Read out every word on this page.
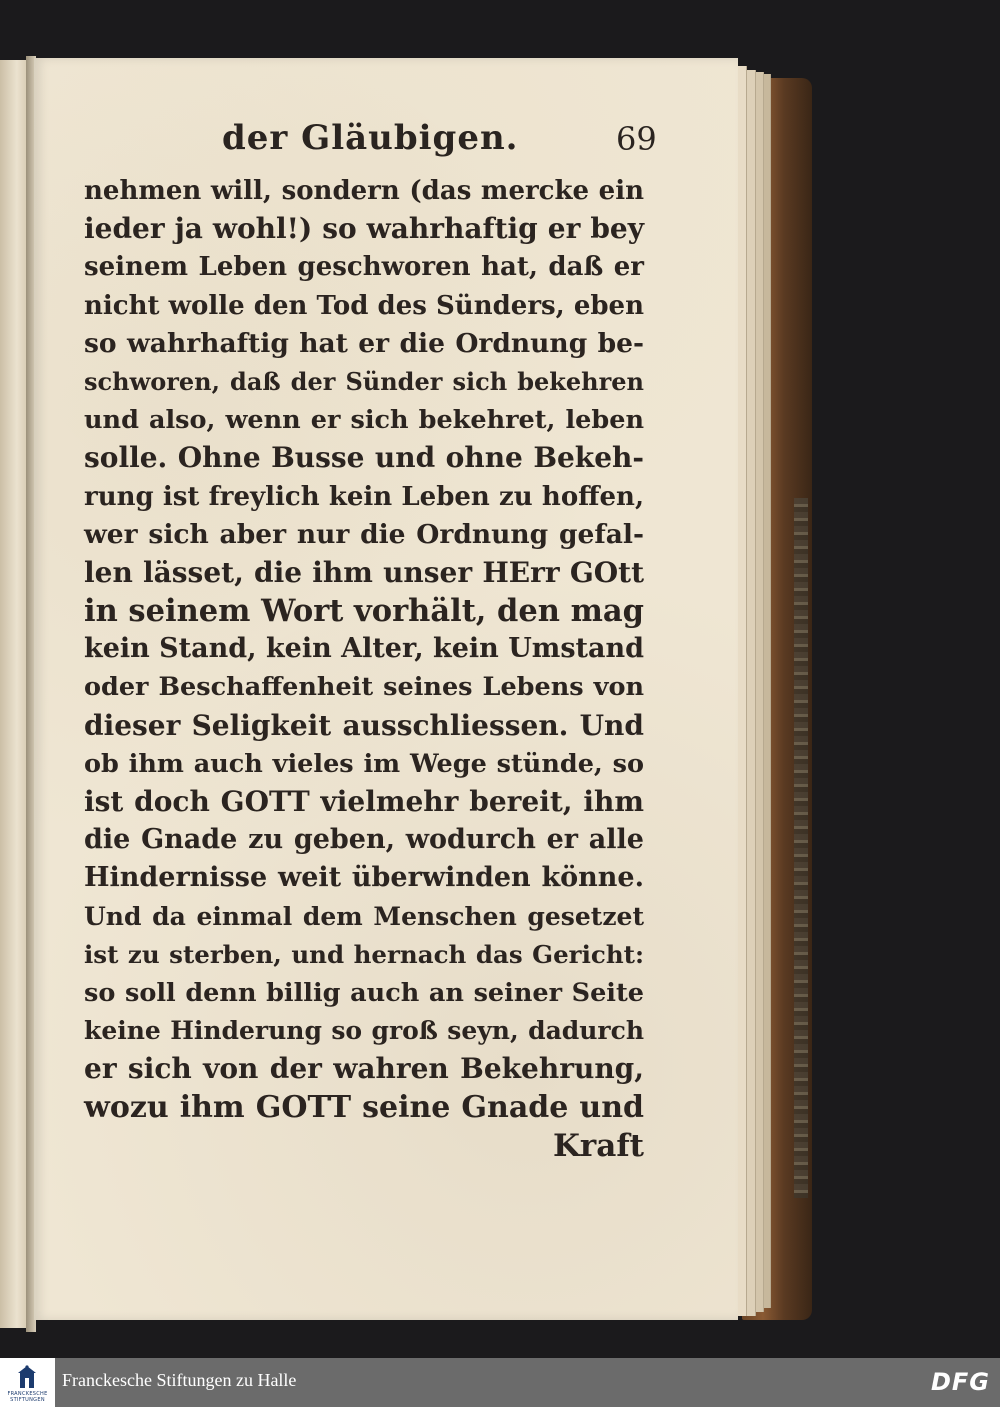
der Gläubigen.	69
nehmen will, sondern (das mercke ein
ieder ja wohl!) so wahrhaftig er bey
seinem Leben geschworen hat, daß er
nicht wolle den Tod des Sünders, eben
so wahrhaftig hat er die Ordnung be-
schworen, daß der Sünder sich bekehren
und also, wenn er sich bekehret, leben
solle. Ohne Busse und ohne Bekeh-
rung ist freylich kein Leben zu hoffen,
wer sich aber nur die Ordnung gefal-
len lässet, die ihm unser HErr GOtt
in seinem Wort vorhält, den mag
kein Stand, kein Alter, kein Umstand
oder Beschaffenheit seines Lebens von
dieser Seligkeit ausschliessen. Und
ob ihm auch vieles im Wege stünde, so
ist doch GOTT vielmehr bereit, ihm
die Gnade zu geben, wodurch er alle
Hindernisse weit überwinden könne.
Und da einmal dem Menschen gesetzet
ist zu sterben, und hernach das Gericht:
so soll denn billig auch an seiner Seite
keine Hinderung so groß seyn, dadurch
er sich von der wahren Bekehrung,
wozu ihm GOTT seine Gnade und
Kraft
FRANCKESCHE STIFTUNGEN
Franckesche Stiftungen zu Halle	DFG
